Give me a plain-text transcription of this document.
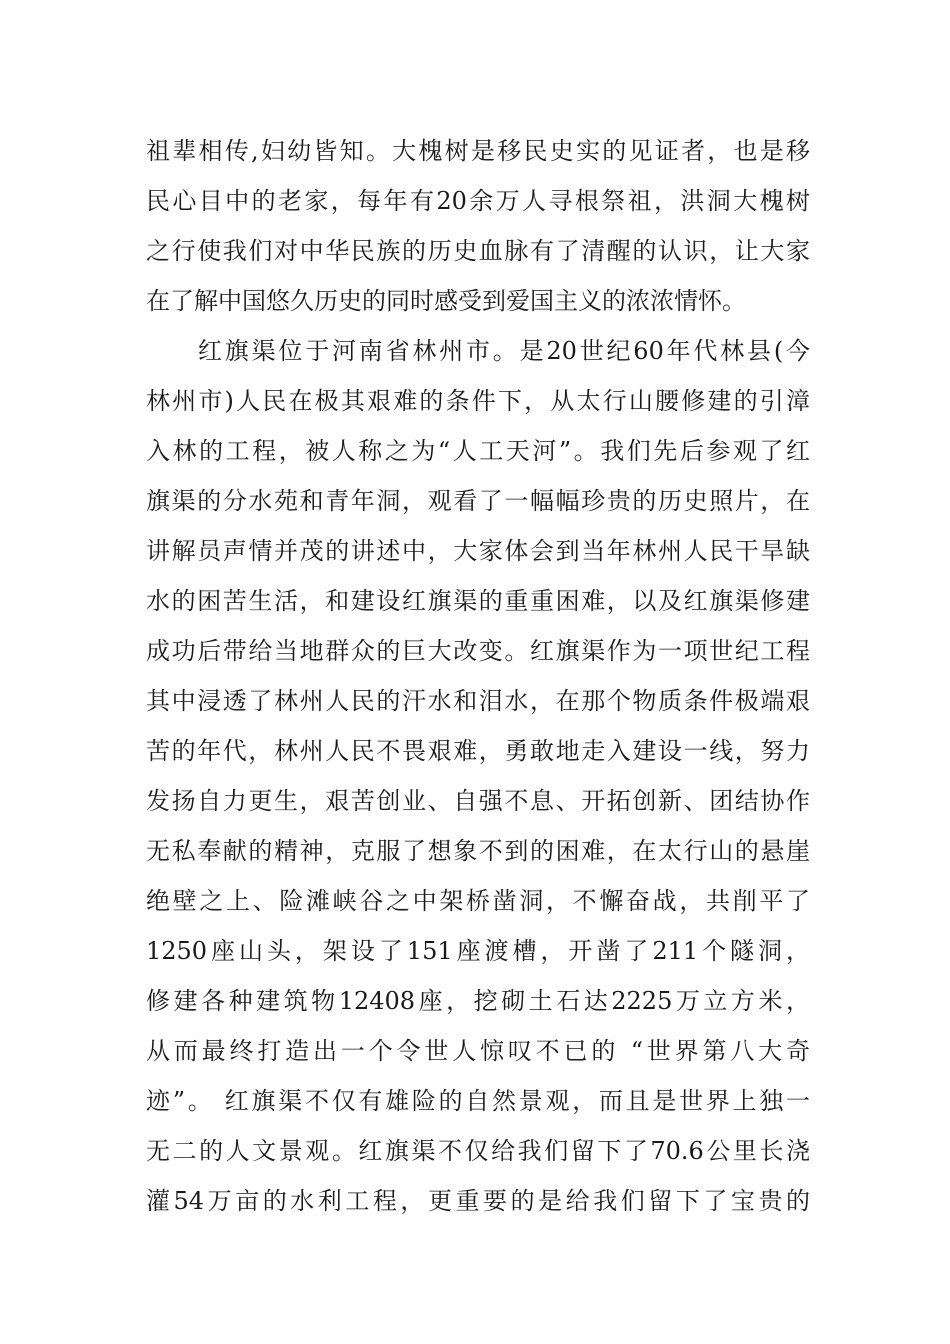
祖辈相传,妇幼皆知。大槐树是移民史实的见证者，也是移
民心目中的老家，每年有20余万人寻根祭祖，洪洞大槐树
之行使我们对中华民族的历史血脉有了清醒的认识，让大家
在了解中国悠久历史的同时感受到爱国主义的浓浓情怀。
红旗渠位于河南省林州市。是20世纪60年代林县(今
林州市)人民在极其艰难的条件下，从太行山腰修建的引漳
入林的工程，被人称之为“人工天河”。我们先后参观了红
旗渠的分水苑和青年洞，观看了一幅幅珍贵的历史照片，在
讲解员声情并茂的讲述中，大家体会到当年林州人民干旱缺
水的困苦生活，和建设红旗渠的重重困难，以及红旗渠修建
成功后带给当地群众的巨大改变。红旗渠作为一项世纪工程
其中浸透了林州人民的汗水和泪水，在那个物质条件极端艰
苦的年代，林州人民不畏艰难，勇敢地走入建设一线，努力
发扬自力更生，艰苦创业、自强不息、开拓创新、团结协作
无私奉献的精神，克服了想象不到的困难，在太行山的悬崖
绝壁之上、险滩峡谷之中架桥凿洞，不懈奋战，共削平了
1250座山头，架设了151座渡槽，开凿了211个隧洞，
修建各种建筑物12408座，挖砌土石达2225万立方米，
从而最终打造出一个令世人惊叹不已的 “世界第八大奇
迹”。 红旗渠不仅有雄险的自然景观，而且是世界上独一
无二的人文景观。红旗渠不仅给我们留下了70.6公里长浇
灌54万亩的水利工程，更重要的是给我们留下了宝贵的
